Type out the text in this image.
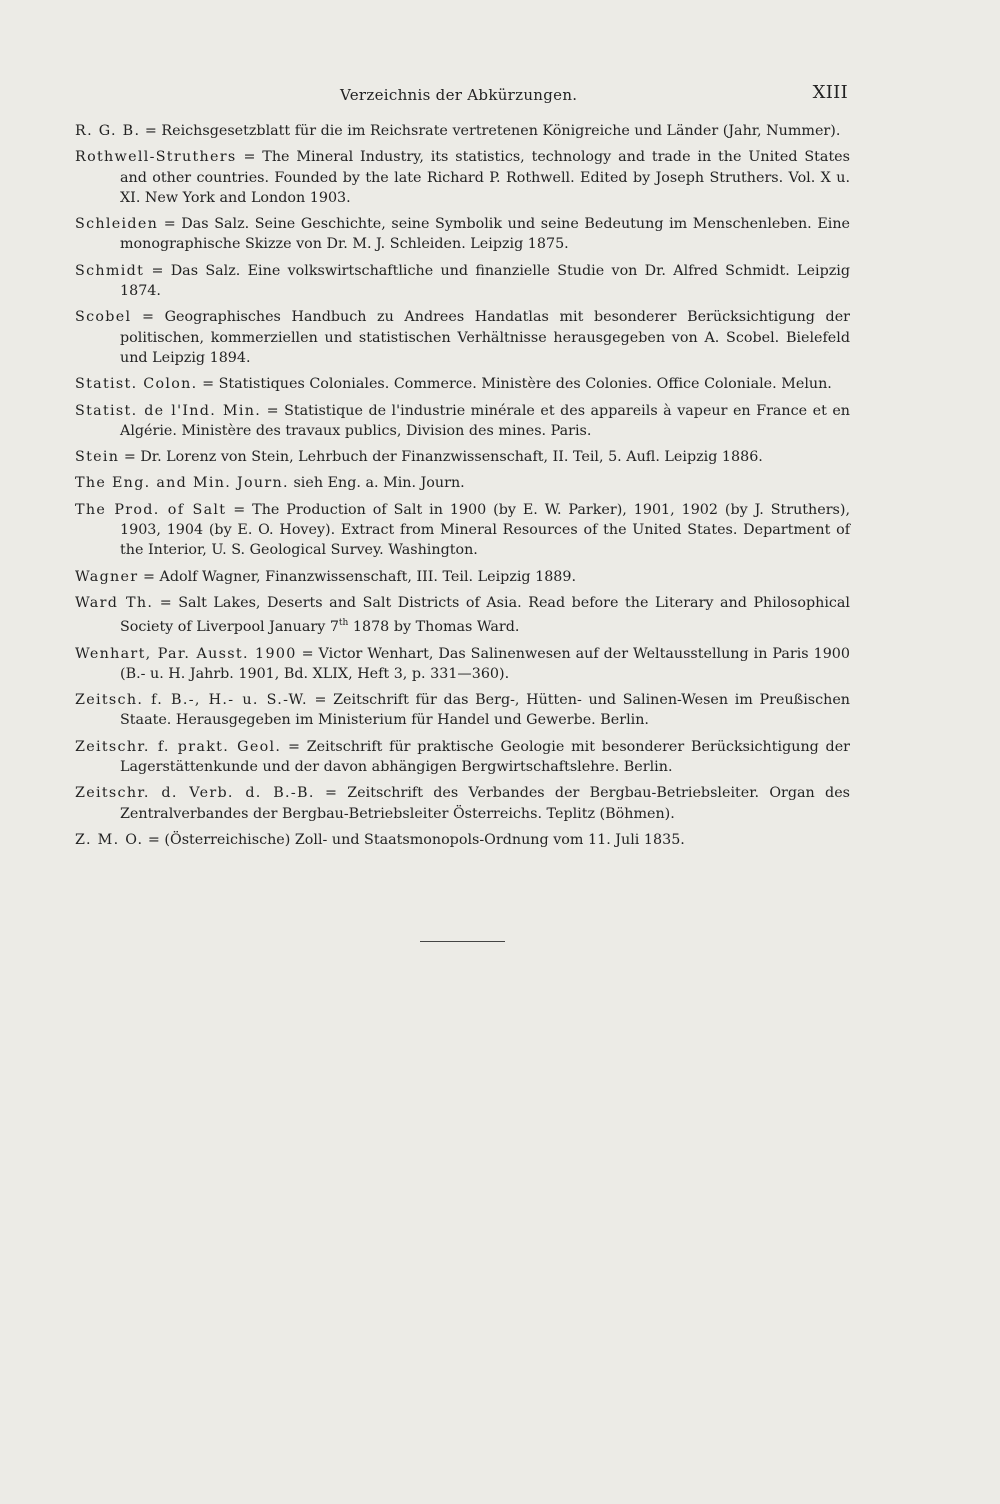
Verzeichnis der Abkürzungen.	XIII

R. G. B. = Reichsgesetzblatt für die im Reichsrate vertretenen Königreiche und Länder (Jahr, Nummer).

Rothwell-Struthers = The Mineral Industry, its statistics, technology and trade in the United States and other countries. Founded by the late Richard P. Rothwell. Edited by Joseph Struthers. Vol. X u. XI. New York and London 1903.

Schleiden = Das Salz. Seine Geschichte, seine Symbolik und seine Bedeutung im Menschenleben. Eine monographische Skizze von Dr. M. J. Schleiden. Leipzig 1875.

Schmidt = Das Salz. Eine volkswirtschaftliche und finanzielle Studie von Dr. Alfred Schmidt. Leipzig 1874.

Scobel = Geographisches Handbuch zu Andrees Handatlas mit besonderer Berücksichtigung der politischen, kommerziellen und statistischen Verhältnisse herausgegeben von A. Scobel. Bielefeld und Leipzig 1894.

Statist. Colon. = Statistiques Coloniales. Commerce. Ministère des Colonies. Office Coloniale. Melun.

Statist. de l'Ind. Min. = Statistique de l'industrie minérale et des appareils à vapeur en France et en Algérie. Ministère des travaux publics, Division des mines. Paris.

Stein = Dr. Lorenz von Stein, Lehrbuch der Finanzwissenschaft, II. Teil, 5. Aufl. Leipzig 1886.

The Eng. and Min. Journ. sieh Eng. a. Min. Journ.

The Prod. of Salt = The Production of Salt in 1900 (by E. W. Parker), 1901, 1902 (by J. Struthers), 1903, 1904 (by E. O. Hovey). Extract from Mineral Resources of the United States. Department of the Interior, U. S. Geological Survey. Washington.

Wagner = Adolf Wagner, Finanzwissenschaft, III. Teil. Leipzig 1889.

Ward Th. = Salt Lakes, Deserts and Salt Districts of Asia. Read before the Literary and Philosophical Society of Liverpool January 7th 1878 by Thomas Ward.

Wenhart, Par. Ausst. 1900 = Victor Wenhart, Das Salinenwesen auf der Weltausstellung in Paris 1900 (B.- u. H. Jahrb. 1901, Bd. XLIX, Heft 3, p. 331—360).

Zeitsch. f. B.-, H.- u. S.-W. = Zeitschrift für das Berg-, Hütten- und Salinen-Wesen im Preußischen Staate. Herausgegeben im Ministerium für Handel und Gewerbe. Berlin.

Zeitschr. f. prakt. Geol. = Zeitschrift für praktische Geologie mit besonderer Berücksichtigung der Lagerstättenkunde und der davon abhängigen Bergwirtschaftslehre. Berlin.

Zeitschr. d. Verb. d. B.-B. = Zeitschrift des Verbandes der Bergbau-Betriebsleiter. Organ des Zentralverbandes der Bergbau-Betriebsleiter Österreichs. Teplitz (Böhmen).

Z. M. O. = (Österreichische) Zoll- und Staatsmonopols-Ordnung vom 11. Juli 1835.
